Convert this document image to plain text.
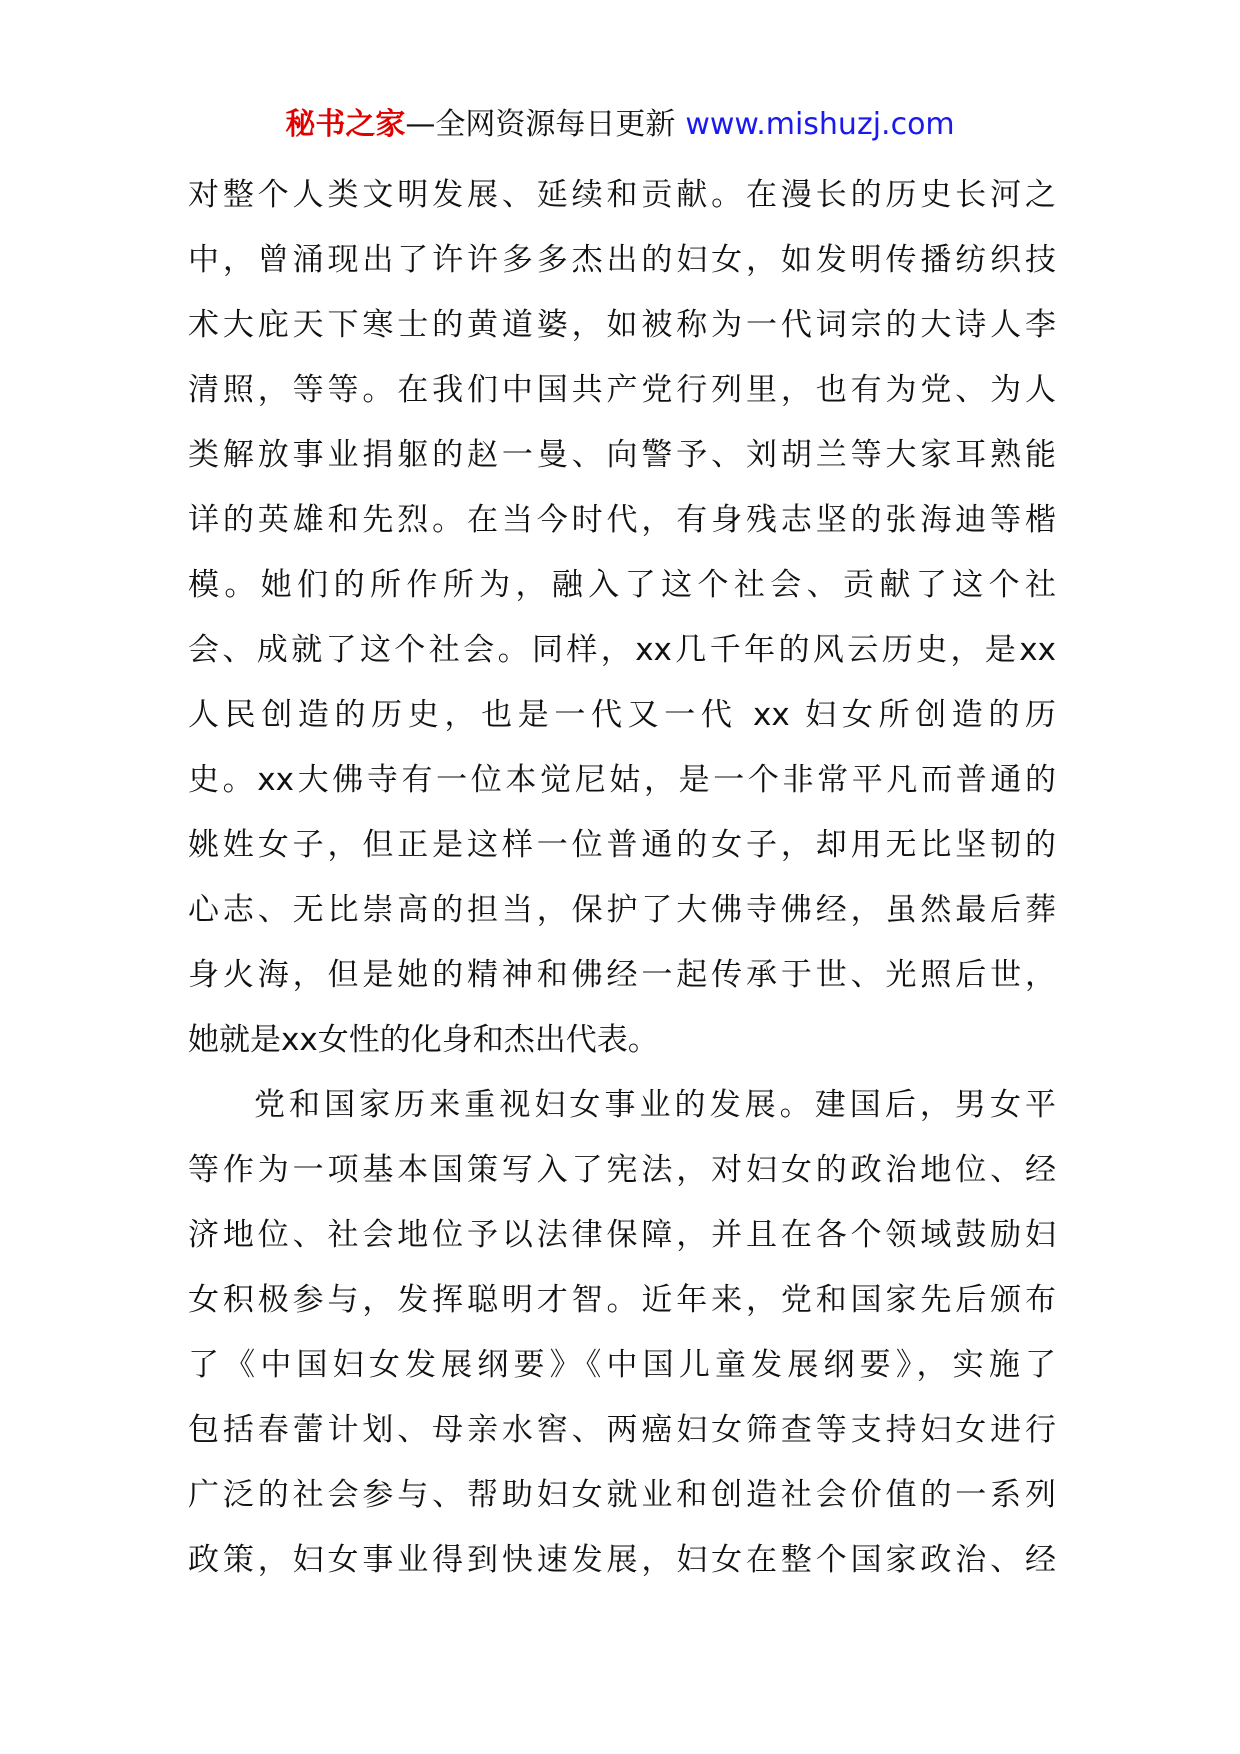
秘书之家—全网资源每日更新 www.mishuzj.com
对整个人类文明发展、延续和贡献。在漫长的历史长河之
中，曾涌现出了许许多多杰出的妇女，如发明传播纺织技
术大庇天下寒士的黄道婆，如被称为一代词宗的大诗人李
清照，等等。在我们中国共产党行列里，也有为党、为人
类解放事业捐躯的赵一曼、向警予、刘胡兰等大家耳熟能
详的英雄和先烈。在当今时代，有身残志坚的张海迪等楷
模。她们的所作所为，融入了这个社会、贡献了这个社
会、成就了这个社会。同样，xx几千年的风云历史，是xx
人民创造的历史，也是一代又一代 xx 妇女所创造的历
史。xx大佛寺有一位本觉尼姑，是一个非常平凡而普通的
姚姓女子，但正是这样一位普通的女子，却用无比坚韧的
心志、无比崇高的担当，保护了大佛寺佛经，虽然最后葬
身火海，但是她的精神和佛经一起传承于世、光照后世，
她就是xx女性的化身和杰出代表。
党和国家历来重视妇女事业的发展。建国后，男女平
等作为一项基本国策写入了宪法，对妇女的政治地位、经
济地位、社会地位予以法律保障，并且在各个领域鼓励妇
女积极参与，发挥聪明才智。近年来，党和国家先后颁布
了《中国妇女发展纲要》《中国儿童发展纲要》，实施了
包括春蕾计划、母亲水窖、两癌妇女筛查等支持妇女进行
广泛的社会参与、帮助妇女就业和创造社会价值的一系列
政策，妇女事业得到快速发展，妇女在整个国家政治、经
